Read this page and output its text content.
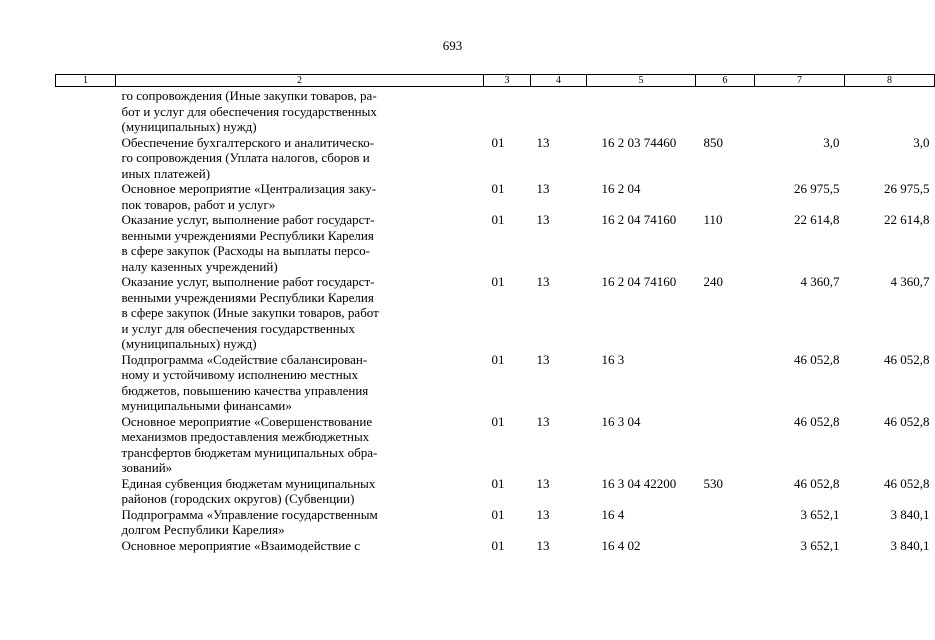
693
1	2	3	4	5	6	7	8
	го сопровождения (Иные закупки товаров, ра-
бот и услуг для обеспечения государственных
(муниципальных) нужд)						
	Обеспечение бухгалтерского и аналитическо-
го сопровождения (Уплата налогов, сборов и
иных платежей)	01	13	16 2 03 74460	850	3,0	3,0
	Основное мероприятие «Централизация заку-
пок товаров, работ и услуг»	01	13	16 2 04		26 975,5	26 975,5
	Оказание услуг, выполнение работ государст-
венными учреждениями Республики Карелия
в сфере закупок (Расходы на выплаты персо-
налу казенных учреждений)	01	13	16 2 04 74160	110	22 614,8	22 614,8
	Оказание услуг, выполнение работ государст-
венными учреждениями Республики Карелия
в сфере закупок (Иные закупки товаров, работ
и услуг для обеспечения государственных
(муниципальных) нужд)	01	13	16 2 04 74160	240	4 360,7	4 360,7
	Подпрограмма «Содействие сбалансирован-
ному и устойчивому исполнению местных
бюджетов, повышению качества управления
муниципальными финансами»	01	13	16 3		46 052,8	46 052,8
	Основное мероприятие «Совершенствование
механизмов предоставления межбюджетных
трансфертов бюджетам муниципальных обра-
зований»	01	13	16 3 04		46 052,8	46 052,8
	Единая субвенция бюджетам муниципальных
районов (городских округов) (Субвенции)	01	13	16 3 04 42200	530	46 052,8	46 052,8
	Подпрограмма «Управление государственным
долгом Республики Карелия»	01	13	16 4		3 652,1	3 840,1
	Основное мероприятие «Взаимодействие с	01	13	16 4 02		3 652,1	3 840,1
